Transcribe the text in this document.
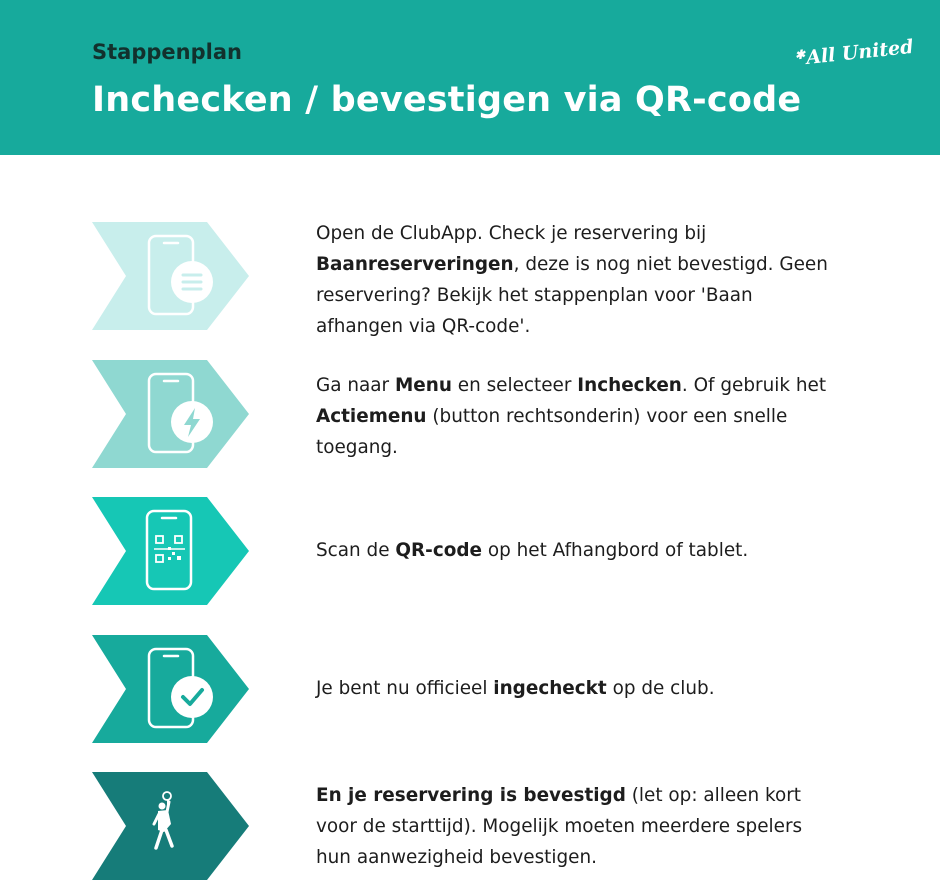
Stappenplan
Inchecken / bevestigen via QR-code
✱All United
Open de ClubApp. Check je reservering bij Baanreserveringen, deze is nog niet bevestigd. Geen reservering? Bekijk het stappenplan voor 'Baan afhangen via QR-code'.
Ga naar Menu en selecteer Inchecken. Of gebruik het Actiemenu (button rechtsonderin) voor een snelle toegang.
Scan de QR-code op het Afhangbord of tablet.
Je bent nu officieel ingecheckt op de club.
En je reservering is bevestigd (let op: alleen kort voor de starttijd). Mogelijk moeten meerdere spelers hun aanwezigheid bevestigen.
